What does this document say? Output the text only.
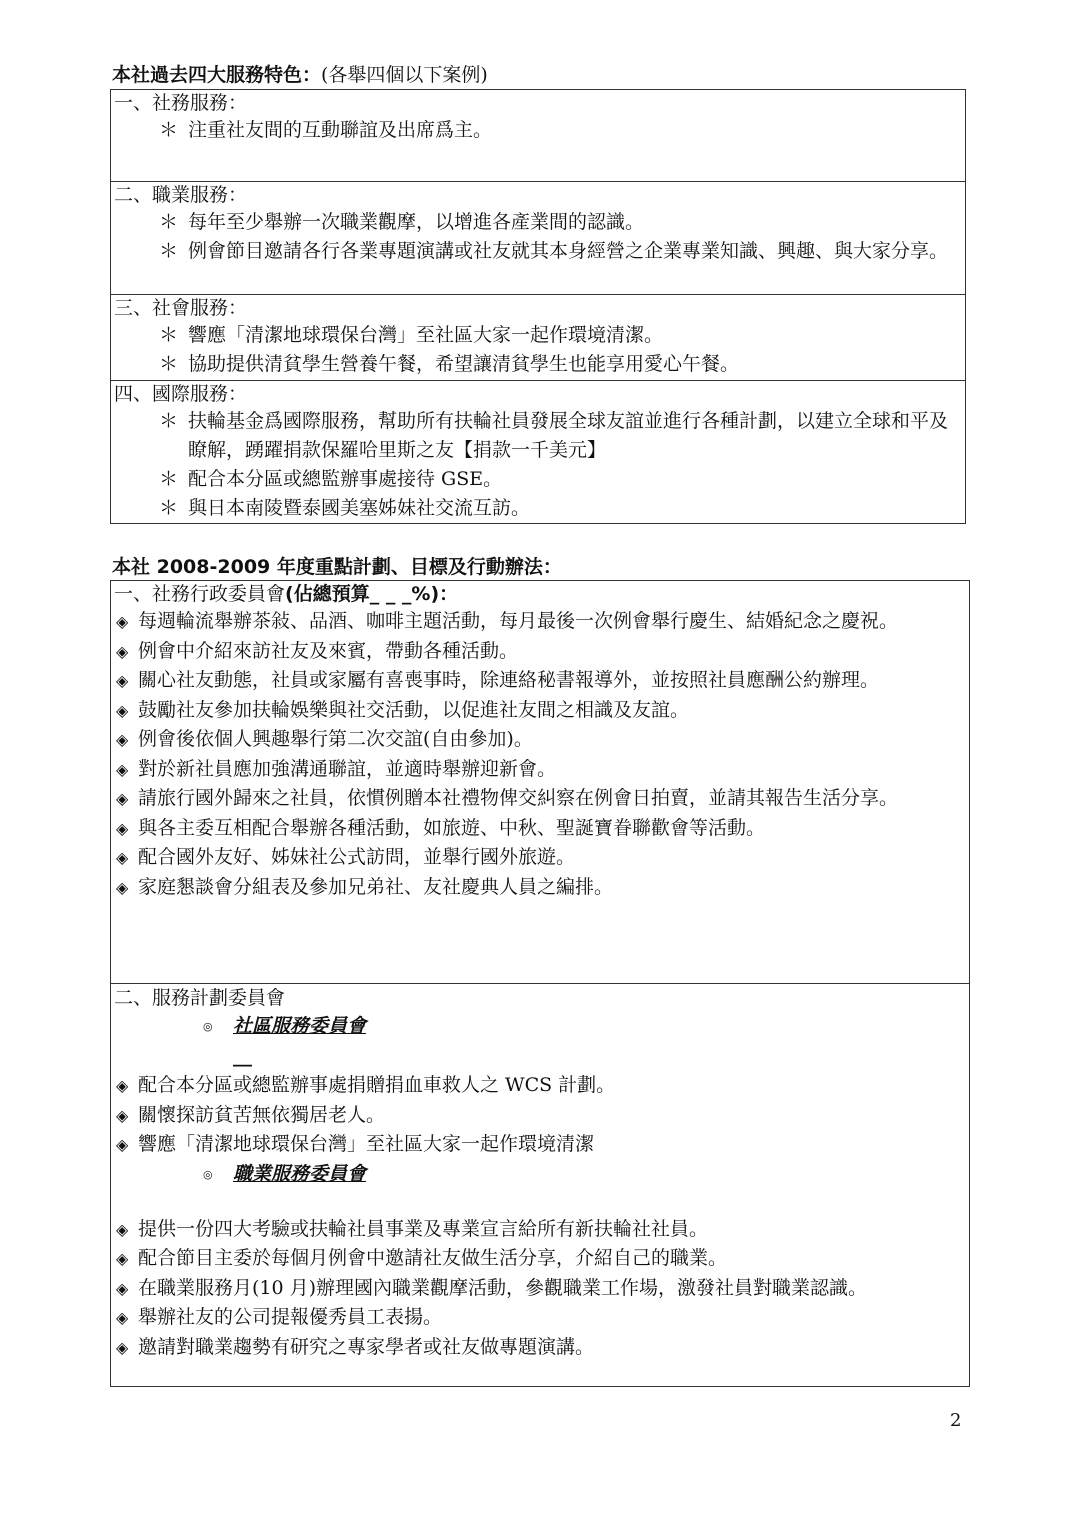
本社過去四大服務特色：(各舉四個以下案例)
一、社務服務：
＊ 注重社友間的互動聯誼及出席爲主。
二、職業服務：
＊ 每年至少舉辦一次職業觀摩，以增進各產業間的認識。
＊ 例會節目邀請各行各業專題演講或社友就其本身經營之企業專業知識、興趣、與大家分享。
三、社會服務：
＊ 響應「清潔地球環保台灣」至社區大家一起作環境清潔。
＊ 協助提供清貧學生營養午餐，希望讓清貧學生也能享用愛心午餐。
四、國際服務：
＊ 扶輪基金爲國際服務，幫助所有扶輪社員發展全球友誼並進行各種計劃，以建立全球和平及瞭解，踴躍捐款保羅哈里斯之友【捐款一千美元】
＊ 配合本分區或總監辦事處接待 GSE。
＊ 與日本南陵暨泰國美塞姊妹社交流互訪。
本社 2008-2009 年度重點計劃、目標及行動辦法：
一、社務行政委員會(佔總預算_ _ _%)：
◈ 每週輪流舉辦茶敍、品酒、咖啡主題活動，每月最後一次例會舉行慶生、結婚紀念之慶祝。
◈ 例會中介紹來訪社友及來賓，帶動各種活動。
◈ 關心社友動態，社員或家屬有喜喪事時，除連絡秘書報導外，並按照社員應酬公約辦理。
◈ 鼓勵社友參加扶輪娛樂與社交活動，以促進社友間之相識及友誼。
◈ 例會後依個人興趣舉行第二次交誼(自由參加)。
◈ 對於新社員應加強溝通聯誼，並適時舉辦迎新會。
◈ 請旅行國外歸來之社員，依慣例贈本社禮物俾交糾察在例會日拍賣，並請其報告生活分享。
◈ 與各主委互相配合舉辦各種活動，如旅遊、中秋、聖誕寶眷聯歡會等活動。
◈ 配合國外友好、姊妹社公式訪問，並舉行國外旅遊。
◈ 家庭懇談會分組表及參加兄弟社、友社慶典人員之編排。
二、服務計劃委員會
◎ 社區服務委員會
__
◈ 配合本分區或總監辦事處捐贈捐血車救人之 WCS 計劃。
◈ 關懷探訪貧苦無依獨居老人。
◈ 響應「清潔地球環保台灣」至社區大家一起作環境清潔
◎ 職業服務委員會
◈ 提供一份四大考驗或扶輪社員事業及專業宣言給所有新扶輪社社員。
◈ 配合節目主委於每個月例會中邀請社友做生活分享，介紹自己的職業。
◈ 在職業服務月(10 月)辦理國內職業觀摩活動，參觀職業工作場，激發社員對職業認識。
◈ 舉辦社友的公司提報優秀員工表揚。
◈ 邀請對職業趨勢有研究之專家學者或社友做專題演講。
2
